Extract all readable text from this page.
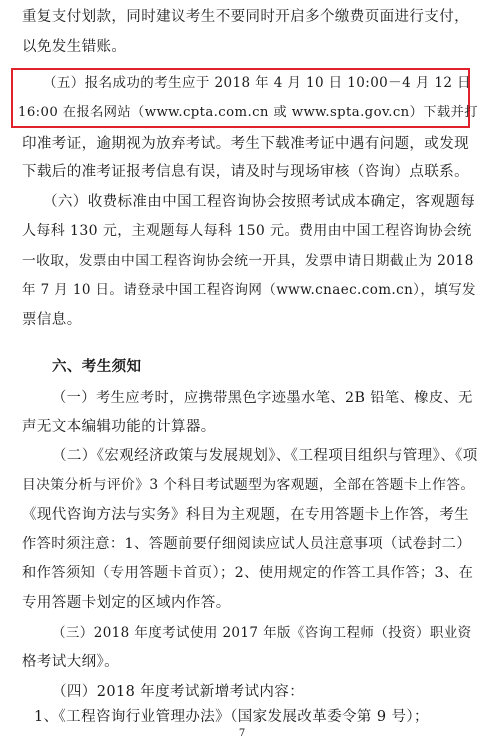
重复支付划款，同时建议考生不要同时开启多个缴费页面进行支付，
以免发生错账。
（五）报名成功的考生应于 2018 年 4 月 10 日 10:00－4 月 12 日
16:00 在报名网站（www.cpta.com.cn 或 www.spta.gov.cn）下载并打
印准考证，逾期视为放弃考试。考生下载准考证中遇有问题，或发现
下载后的准考证报考信息有误，请及时与现场审核（咨询）点联系。
（六）收费标准由中国工程咨询协会按照考试成本确定，客观题每
人每科 130 元，主观题每人每科 150 元。费用由中国工程咨询协会统
一收取，发票由中国工程咨询协会统一开具，发票申请日期截止为 2018
年 7 月 10 日。请登录中国工程咨询网（www.cnaec.com.cn），填写发
票信息。
六、考生须知
（一）考生应考时，应携带黑色字迹墨水笔、2B 铅笔、橡皮、无
声无文本编辑功能的计算器。
（二）《宏观经济政策与发展规划》、《工程项目组织与管理》、《项
目决策分析与评价》3 个科目考试题型为客观题，全部在答题卡上作答。
《现代咨询方法与实务》科目为主观题，在专用答题卡上作答，考生
作答时须注意：1、答题前要仔细阅读应试人员注意事项（试卷封二）
和作答须知（专用答题卡首页）；2、使用规定的作答工具作答；3、在
专用答题卡划定的区域内作答。
（三）2018 年度考试使用 2017 年版《咨询工程师（投资）职业资
格考试大纲》。
（四）2018 年度考试新增考试内容：
1、《工程咨询行业管理办法》（国家发展改革委令第 9 号）；
7
